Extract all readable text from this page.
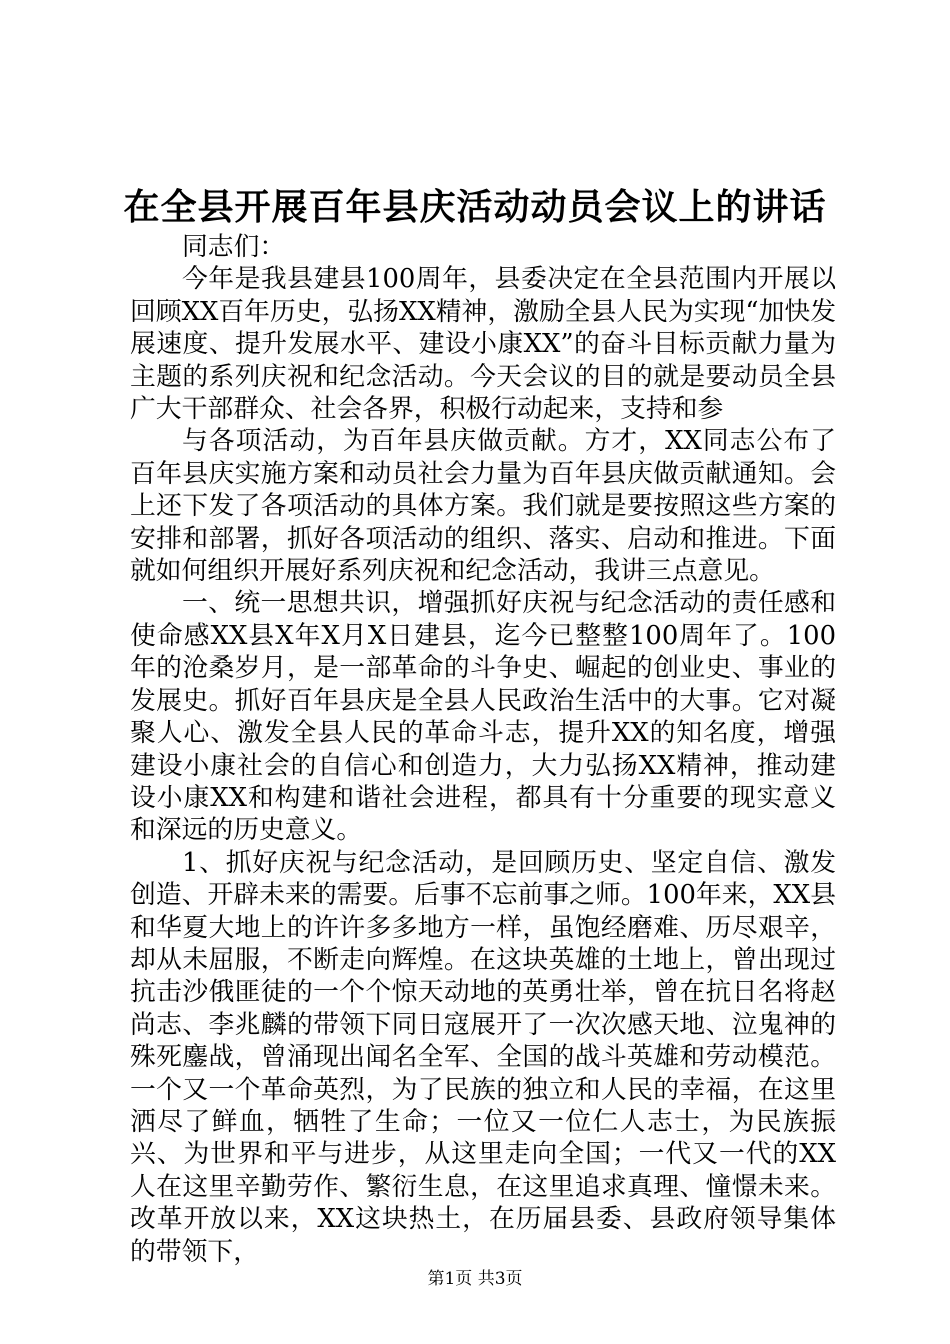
在全县开展百年县庆活动动员会议上的讲话

同志们：

今年是我县建县100周年，县委决定在全县范围内开展以回顾XX百年历史，弘扬XX精神，激励全县人民为实现“加快发展速度、提升发展水平、建设小康XX”的奋斗目标贡献力量为主题的系列庆祝和纪念活动。今天会议的目的就是要动员全县广大干部群众、社会各界，积极行动起来，支持和参

与各项活动，为百年县庆做贡献。方才，XX同志公布了百年县庆实施方案和动员社会力量为百年县庆做贡献通知。会上还下发了各项活动的具体方案。我们就是要按照这些方案的安排和部署，抓好各项活动的组织、落实、启动和推进。下面就如何组织开展好系列庆祝和纪念活动，我讲三点意见。

一、统一思想共识，增强抓好庆祝与纪念活动的责任感和使命感XX县X年X月X日建县，迄今已整整100周年了。100年的沧桑岁月，是一部革命的斗争史、崛起的创业史、事业的发展史。抓好百年县庆是全县人民政治生活中的大事。它对凝聚人心、激发全县人民的革命斗志，提升XX的知名度，增强建设小康社会的自信心和创造力，大力弘扬XX精神，推动建设小康XX和构建和谐社会进程，都具有十分重要的现实意义和深远的历史意义。

1、抓好庆祝与纪念活动，是回顾历史、坚定自信、激发创造、开辟未来的需要。后事不忘前事之师。100年来，XX县和华夏大地上的许许多多地方一样，虽饱经磨难、历尽艰辛，却从未屈服，不断走向辉煌。在这块英雄的土地上，曾出现过抗击沙俄匪徒的一个个惊天动地的英勇壮举，曾在抗日名将赵尚志、李兆麟的带领下同日寇展开了一次次感天地、泣鬼神的殊死鏖战，曾涌现出闻名全军、全国的战斗英雄和劳动模范。一个又一个革命英烈，为了民族的独立和人民的幸福，在这里洒尽了鲜血，牺牲了生命；一位又一位仁人志士，为民族振兴、为世界和平与进步，从这里走向全国；一代又一代的XX人在这里辛勤劳作、繁衍生息，在这里追求真理、憧憬未来。改革开放以来，XX这块热土，在历届县委、县政府领导集体的带领下，

第1页 共3页
